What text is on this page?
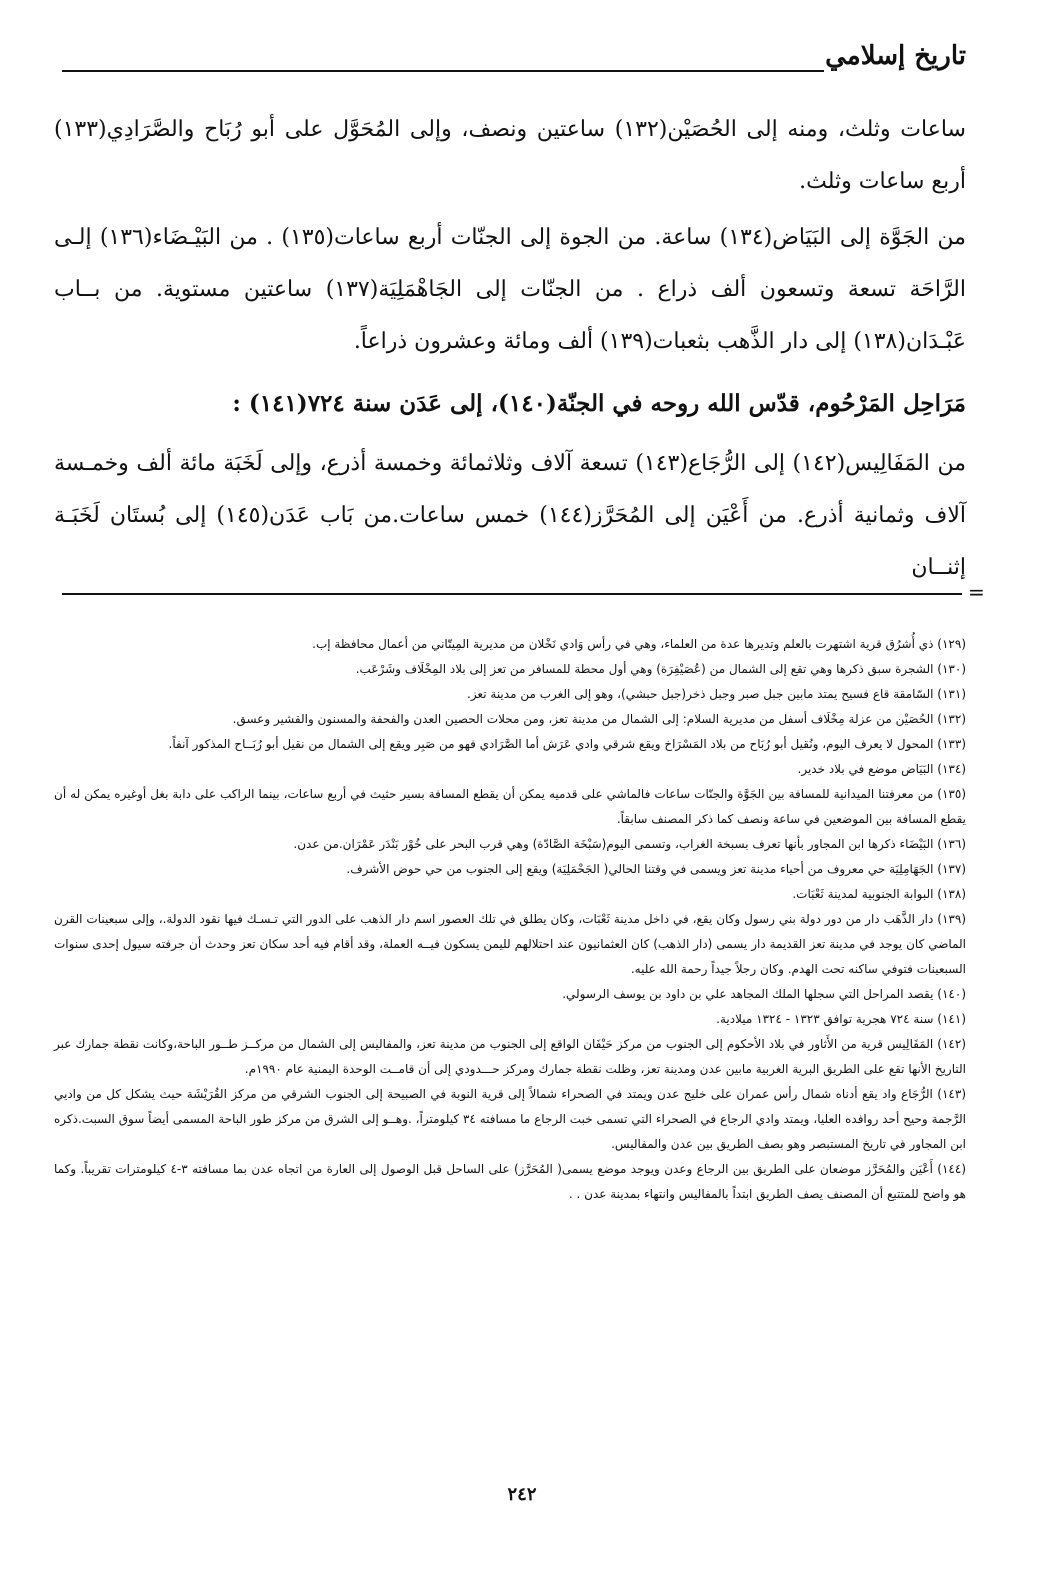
تاريخ إسلامي

ساعات وثلث، ومنه إلى الحُصَيْن(١٣٢) ساعتين ونصف، وإلى المُحَوَّل على أبو رُبَاح والصَّرَادِي(١٣٣) أربع ساعات وثلث.

من الجَوَّة إلى البَيَاض(١٣٤) ساعة. من الجوة إلى الجنّات أربع ساعات(١٣٥) . من البَيْـضَاء(١٣٦) إلـى الرَّاحَة تسعة وتسعون ألف ذراع . من الجنّات إلى الجَاهْمَلِيَة(١٣٧) ساعتين مستوية. من بــاب عَبْـدَان(١٣٨) إلى دار الذَّهب بثعبات(١٣٩) ألف ومائة وعشرون ذراعاً.

مَرَاحِل المَرْحُوم، قدّس الله روحه في الجنّة(١٤٠)، إلى عَدَن سنة ٧٢٤(١٤١) :

من المَفَالِيس(١٤٢) إلى الرُّجَاع(١٤٣) تسعة آلاف وثلاثمائة وخمسة أذرع، وإلى لَخَبَة مائة ألف وخمـسة آلاف وثمانية أذرع. من أَعْيَن إلى المُحَرَّز(١٤٤) خمس ساعات.من بَاب عَدَن(١٤٥) إلى بُستَان لَخَبَـة إثنــان

=

(١٢٩) ذي أُشرُق قرية اشتهرت بالعلم وتديرها عدة من العلماء، وهي في رأس وَادي نَخْلان من مديرية المِيتّاني من أعمال محافظة إب.

(١٣٠) الشجرة سبق ذكرها وهي تقع إلى الشمال من (عُصَيْفِرَة) وهي أول محطة للمسافر من تعز إلى بلاد المِخْلَاف وشَرْعَب.

(١٣١) السّامقة قاع فسيح يمتد مابين جبل صبر وجبل ذخر(جبل حبشي)، وهو إلى الغرب من مدينة تعز.

(١٣٢) الحُصَيْن من عزلة مِخْلَاف أسفل من مديرية السلام: إلى الشمال من مدينة تعز، ومن محلات الحصين العدن والفحفة والمسنون والقشير وعسق.

(١٣٣) المحول لا يعرف اليوم، ونُقيل أبو رُبَاح من بلاد المَسْرَاخ ويقع شرقي وادي عَرَش أما الصَّرَادي فهو من صَبِر ويقع إلى الشمال من نقيل أبو رُبَــاح المذكور آنفاً.

(١٣٤) البَيَاض موضع في بلاد خدير.

(١٣٥) من معرفتنا الميدانية للمسافة بين الجَوَّة والجنّات ساعات فالماشي على قدميه يمكن أن يقطع المسافة بسير حثيث في أربع ساعات، بينما الراكب على دابة بغل أوغيره يمكن له أن يقطع المسافة بين الموضعين في ساعة ونصف كما ذكر المصنف سابقاً.

(١٣٦) البَيْضَاء ذكرها ابن المجاور بأنها تعرف بسبخة الغراب، وتسمى اليوم(سَبْخَة الصَّادّة) وهي قرب البحر على خُوْر بَنْدَر عَمْرَان.من عدن.

(١٣٧) الجَهَامِلِيَة حي معروف من أحياء مدينة تعز ويسمى في وقتنا الحالي( الجَحْمَلِيَة) ويقع إلى الجنوب من حي حوض الأشرف.

(١٣٨) البوابة الجنوبية لمدينة ثَعْبَات.

(١٣٩) دار الذَّهَب دار من دور دولة بني رسول وكان يقع، في داخل مدينة ثَعْبَات، وكان يطلق في تلك العصور اسم دار الذهب على الدور التي تـسـك فيها نقود الدولة.، وإلى سبعينات القرن الماضي كان يوجد في مدينة تعز القديمة دار يسمى (دار الذهب) كان العثمانيون عند احتلالهم لليمن يسكون فيــه العملة، وقد أقام فيه أحد سكان تعز وحدث أن جرفته سيول إحدى سنوات السبعينات فتوفي ساكنه تحت الهدم. وكان رجلاً جيداً رحمة الله عليه.

(١٤٠) يقصد المراحل التي سجلها الملك المجاهد علي بن داود بن يوسف الرسولي.

(١٤١) سنة ٧٢٤ هجرية توافق ١٣٢٣ - ١٣٢٤ ميلادية.

(١٤٢) المَفَالِيس قرية من الأَثاور في بلاد الأحكوم إلى الجنوب من مركز حَيْفَان الواقع إلى الجنوب من مدينة تعز، والمفاليس إلى الشمال من مركــز طــور الباحة،وكانت نقطة جمارك عبر التاريخ الأنها تقع على الطريق البرية الغربية مابين عدن ومدينة تعز، وظلت نقطة جمارك ومركز حـــدودي إلى أن قامــت الوحدة اليمنية عام ١٩٩٠م.

(١٤٣) الرُّجَاع واد يقع أدناه شمال رأس عمران على خليج عدن ويمتد في الصحراء شمالاً إلى قرية النوبة في الصبيحة إلى الجنوب الشرقي من مركز القُرَيْشَة حيث يشكل كل من واديي الرَّجمة وحيح أحد روافده العليا، ويمتد وادي الرجاع في الصحراء التي تسمى خبت الرجاع ما مسافته ٣٤ كيلومتراً، .وهــو إلى الشرق من مركز طور الباحة المسمى أيضاً سوق السبت.ذكره ابن المجاور في تاريخ المستبصر وهو بصف الطريق بين عدن والمفاليس.

(١٤٤) أَعْيَن والمُحَرَّز موضعان على الطريق بين الرجاع وعدن ويوجد موضع يسمى( المُحَرَّز) على الساحل قبل الوصول إلى العارة من اتجاه عدن بما مسافته ٣-٤ كيلومترات تقريباً. وكما هو واضح للمتتبع أن المصنف يصف الطريق ابتداً بالمفاليس وانتهاء بمدينة عدن . .

٢٤٢
